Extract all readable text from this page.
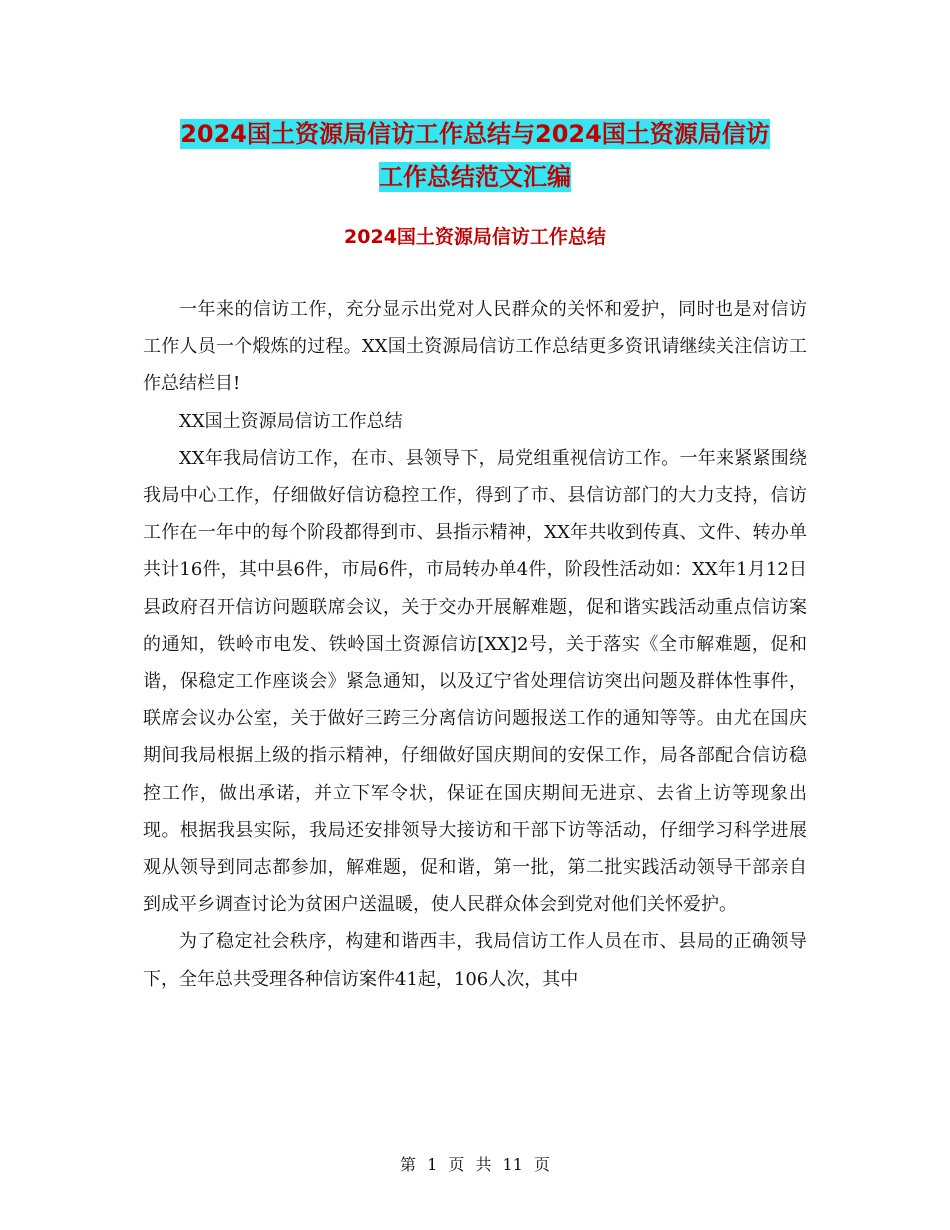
2024国土资源局信访工作总结与2024国土资源局信访
工作总结范文汇编
2024国土资源局信访工作总结

一年来的信访工作，充分显示出党对人民群众的关怀和爱护，同时也是对信访工作人员一个煅炼的过程。XX国土资源局信访工作总结更多资讯请继续关注信访工作总结栏目!

XX国土资源局信访工作总结

XX年我局信访工作，在市、县领导下，局党组重视信访工作。一年来紧紧围绕我局中心工作，仔细做好信访稳控工作，得到了市、县信访部门的大力支持，信访工作在一年中的每个阶段都得到市、县指示精神，XX年共收到传真、文件、转办单共计16件，其中县6件，市局6件，市局转办单4件，阶段性活动如：XX年1月12日县政府召开信访问题联席会议，关于交办开展解难题，促和谐实践活动重点信访案的通知，铁岭市电发、铁岭国土资源信访[XX]2号，关于落实《全市解难题，促和谐，保稳定工作座谈会》紧急通知，以及辽宁省处理信访突出问题及群体性事件，联席会议办公室，关于做好三跨三分离信访问题报送工作的通知等等。由尤在国庆期间我局根据上级的指示精神，仔细做好国庆期间的安保工作，局各部配合信访稳控工作，做出承诺，并立下军令状，保证在国庆期间无进京、去省上访等现象出现。根据我县实际，我局还安排领导大接访和干部下访等活动，仔细学习科学进展观从领导到同志都参加，解难题，促和谐，第一批，第二批实践活动领导干部亲自到成平乡调查讨论为贫困户送温暖，使人民群众体会到党对他们关怀爱护。

为了稳定社会秩序，构建和谐西丰，我局信访工作人员在市、县局的正确领导下，全年总共受理各种信访案件41起，106人次，其中

第 1 页 共 11 页
